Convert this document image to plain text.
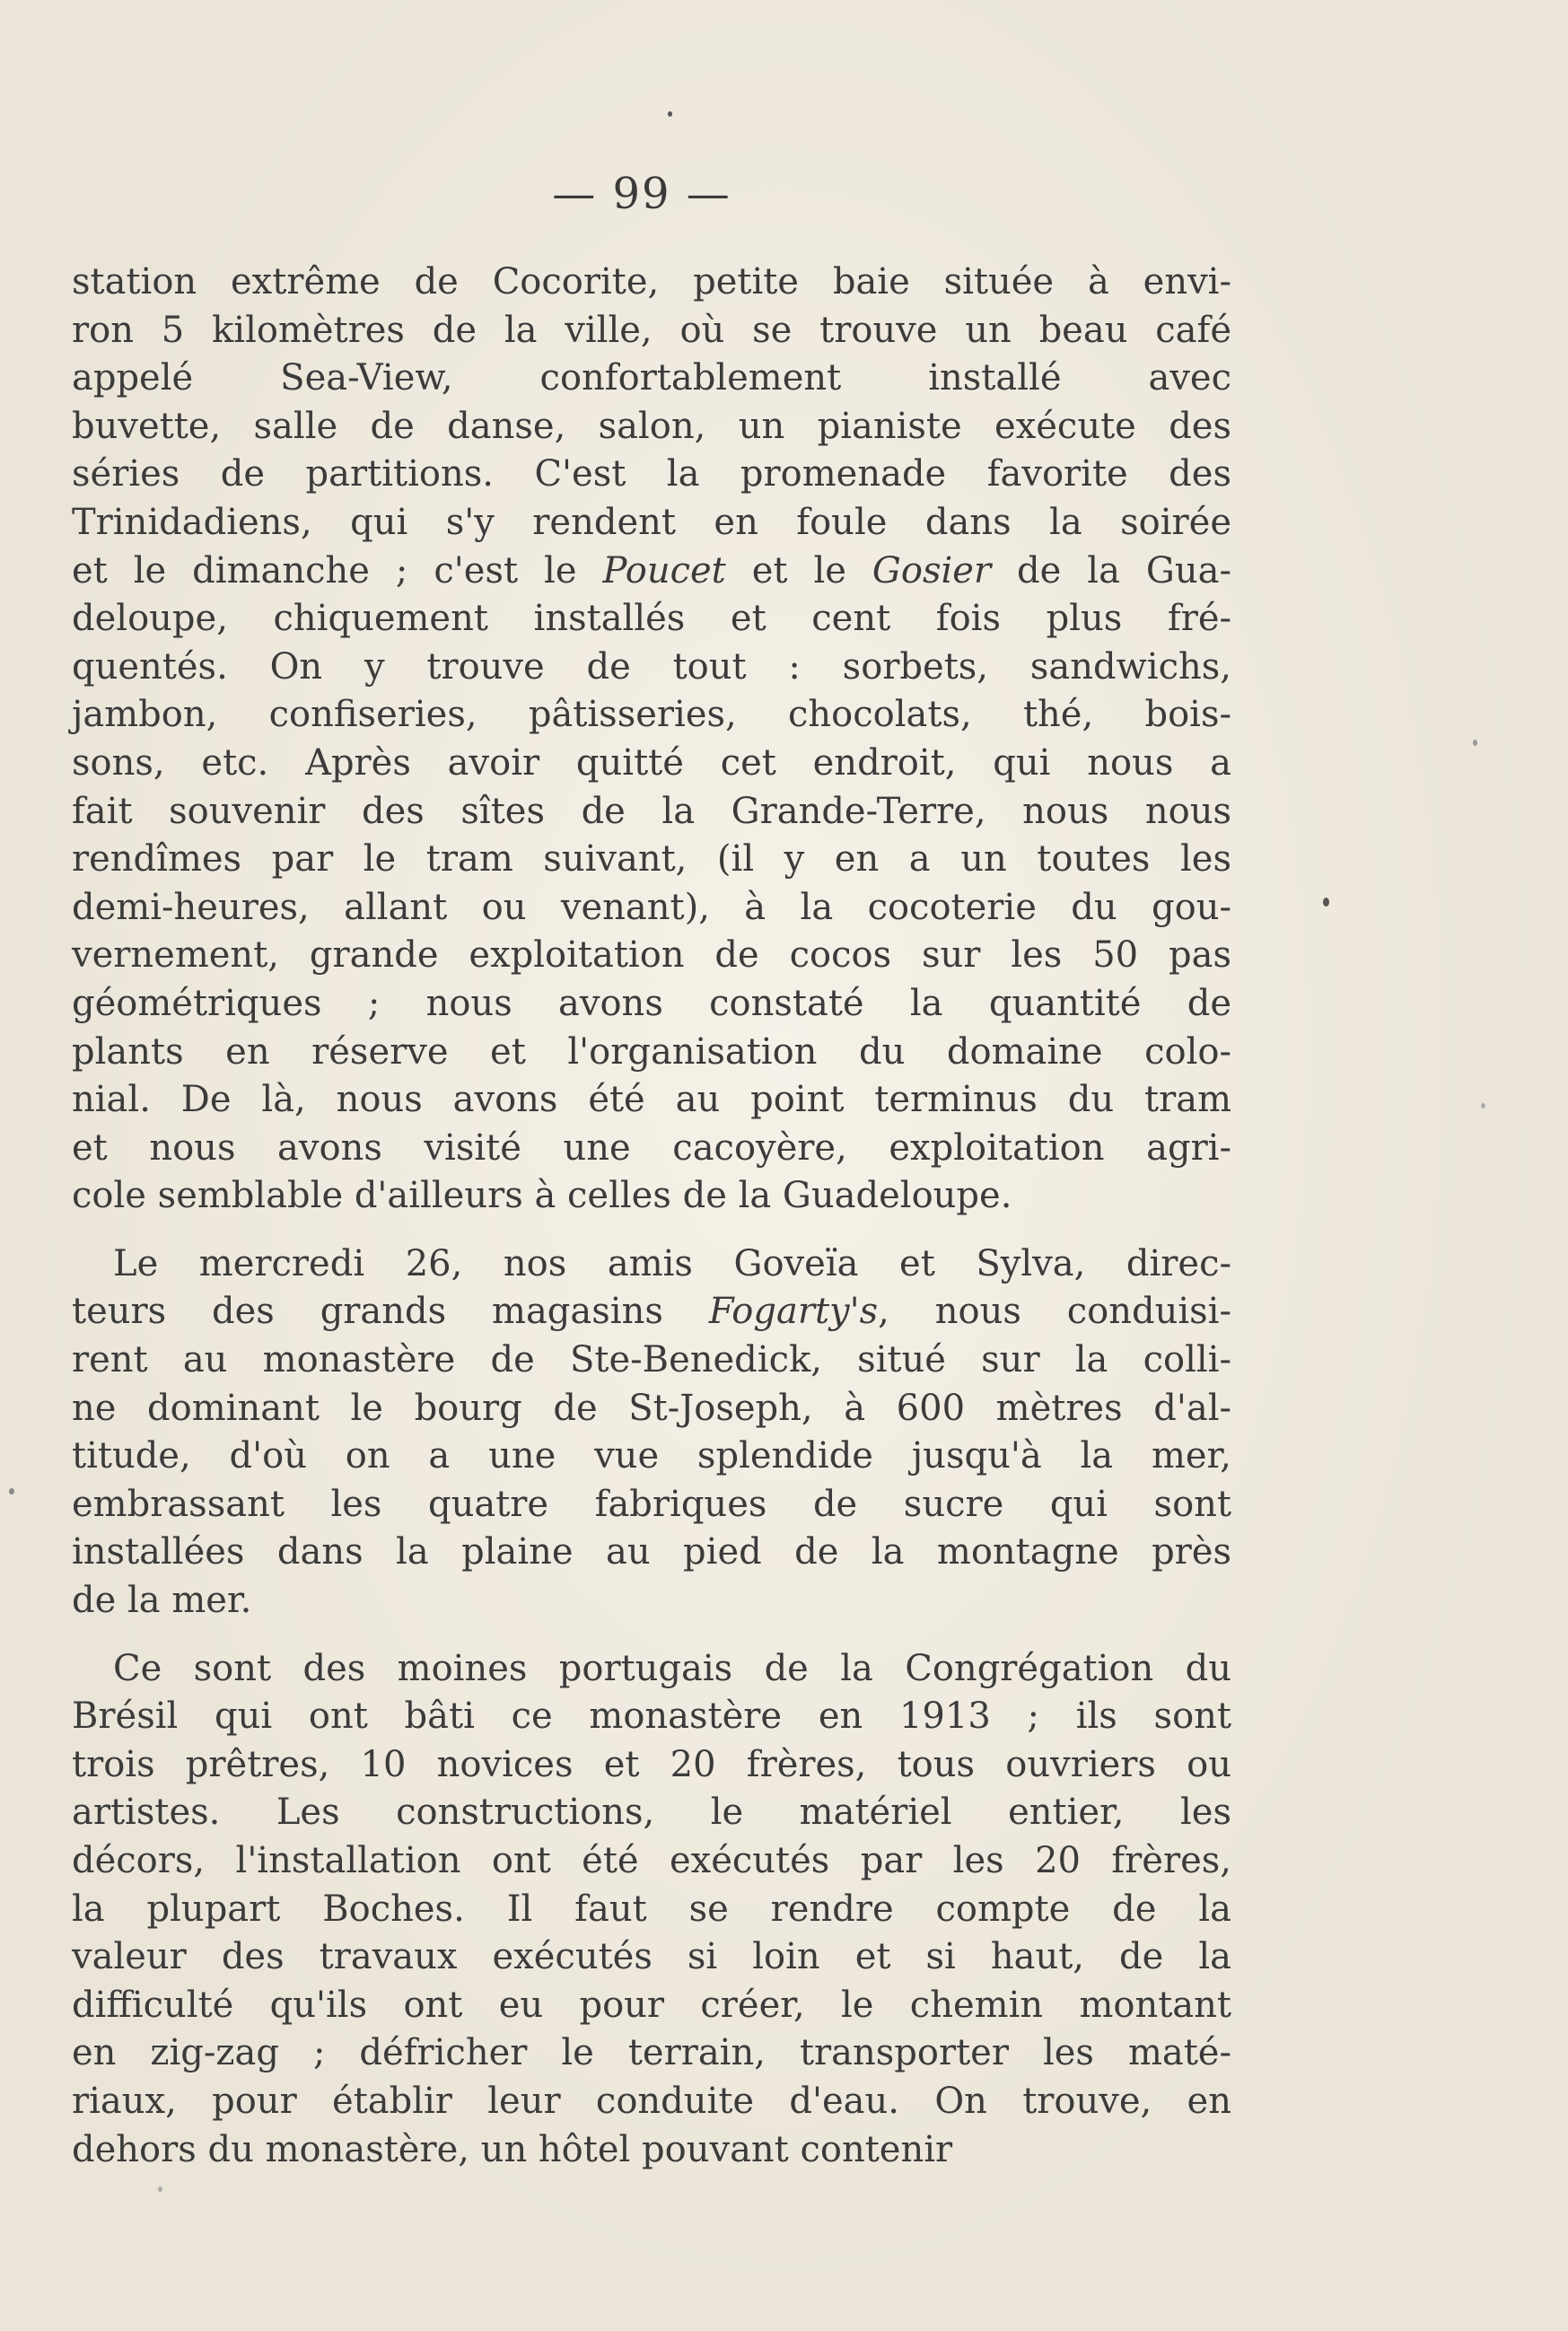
— 99 —
station extrême de Cocorite, petite baie située à envi-
ron 5 kilomètres de la ville, où se trouve un beau café
appelé Sea-View, confortablement installé avec
buvette, salle de danse, salon, un pianiste exécute des
séries de partitions. C'est la promenade favorite des
Trinidadiens, qui s'y rendent en foule dans la soirée
et le dimanche ; c'est le Poucet et le Gosier de la Gua-
deloupe, chiquement installés et cent fois plus fré-
quentés. On y trouve de tout : sorbets, sandwichs,
jambon, confiseries, pâtisseries, chocolats, thé, bois-
sons, etc. Après avoir quitté cet endroit, qui nous a
fait souvenir des sîtes de la Grande-Terre, nous nous
rendîmes par le tram suivant, (il y en a un toutes les
demi-heures, allant ou venant), à la cocoterie du gou-
vernement, grande exploitation de cocos sur les 50 pas
géométriques ; nous avons constaté la quantité de
plants en réserve et l'organisation du domaine colo-
nial. De là, nous avons été au point terminus du tram
et nous avons visité une cacoyère, exploitation agri-
cole semblable d'ailleurs à celles de la Guadeloupe.
Le mercredi 26, nos amis Goveïa et Sylva, direc-
teurs des grands magasins Fogarty's, nous conduisi-
rent au monastère de Ste-Benedick, situé sur la colli-
ne dominant le bourg de St-Joseph, à 600 mètres d'al-
titude, d'où on a une vue splendide jusqu'à la mer,
embrassant les quatre fabriques de sucre qui sont
installées dans la plaine au pied de la montagne près
de la mer.
Ce sont des moines portugais de la Congrégation du
Brésil qui ont bâti ce monastère en 1913 ; ils sont
trois prêtres, 10 novices et 20 frères, tous ouvriers ou
artistes. Les constructions, le matériel entier, les
décors, l'installation ont été exécutés par les 20 frères,
la plupart Boches. Il faut se rendre compte de la
valeur des travaux exécutés si loin et si haut, de la
difficulté qu'ils ont eu pour créer, le chemin montant
en zig-zag ; défricher le terrain, transporter les maté-
riaux, pour établir leur conduite d'eau. On trouve, en
dehors du monastère, un hôtel pouvant contenir
